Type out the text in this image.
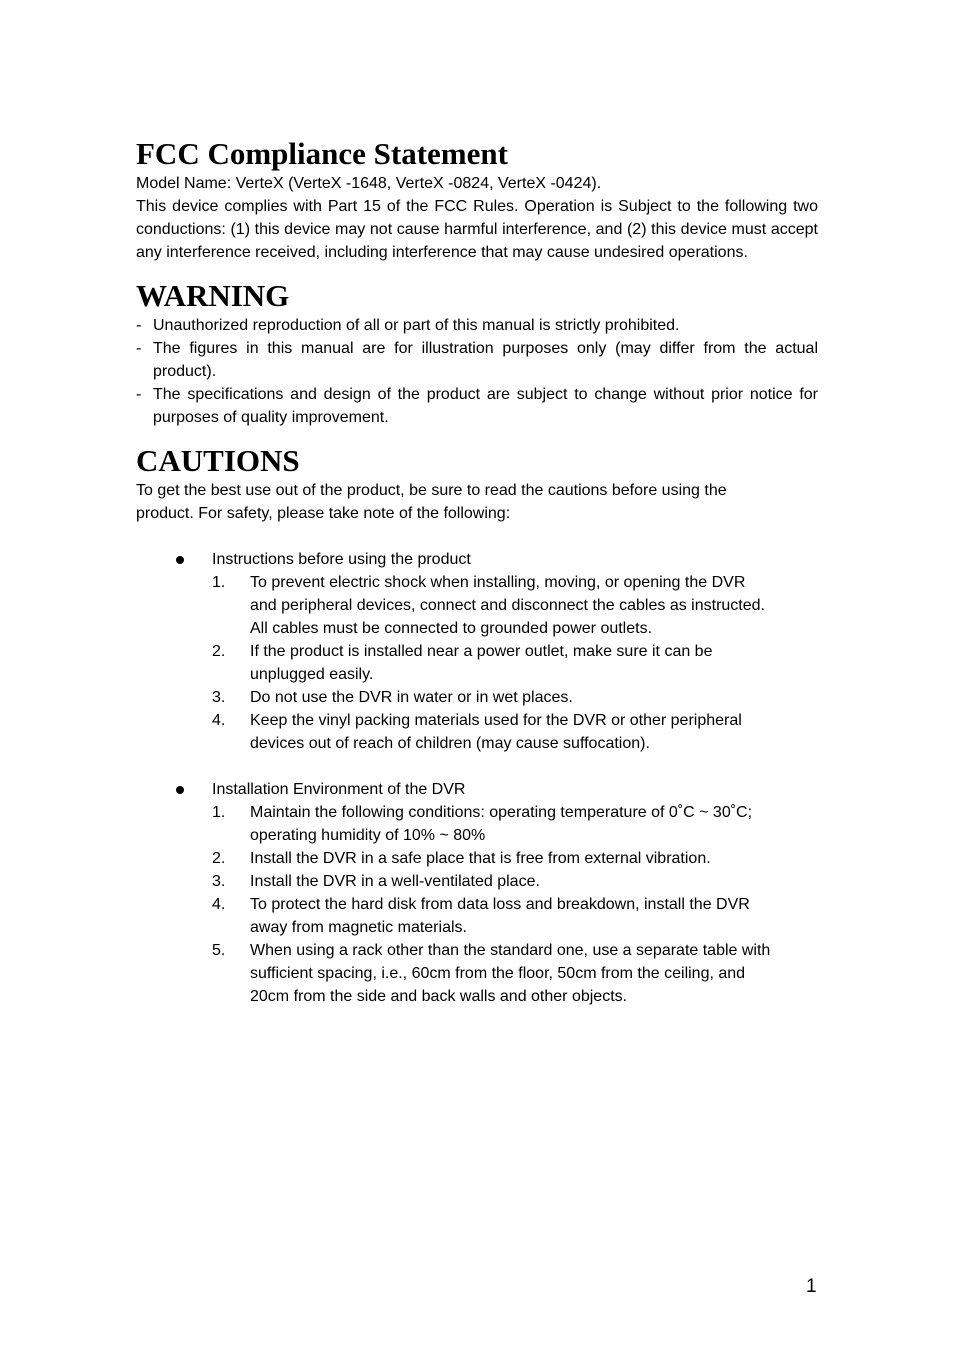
FCC Compliance Statement

Model Name: VerteX (VerteX -1648, VerteX -0824, VerteX -0424).

This device complies with Part 15 of the FCC Rules. Operation is Subject to the following two conductions: (1) this device may not cause harmful interference, and (2) this device must accept any interference received, including interference that may cause undesired operations.

WARNING
- Unauthorized reproduction of all or part of this manual is strictly prohibited.
- The figures in this manual are for illustration purposes only (may differ from the actual product).
- The specifications and design of the product are subject to change without prior notice for purposes of quality improvement.
CAUTIONS

To get the best use out of the product, be sure to read the cautions before using the

product. For safety, please take note of the following:

Instructions before using the product
1. To prevent electric shock when installing, moving, or opening the DVR
and peripheral devices, connect and disconnect the cables as instructed.
All cables must be connected to grounded power outlets.
2. If the product is installed near a power outlet, make sure it can be
unplugged easily.
3. Do not use the DVR in water or in wet places.
4. Keep the vinyl packing materials used for the DVR or other peripheral
devices out of reach of children (may cause suffocation).
Installation Environment of the DVR
1. Maintain the following conditions: operating temperature of 0˚C ~ 30˚C;
operating humidity of 10% ~ 80%
2. Install the DVR in a safe place that is free from external vibration.
3. Install the DVR in a well-ventilated place.
4. To protect the hard disk from data loss and breakdown, install the DVR
away from magnetic materials.
5. When using a rack other than the standard one, use a separate table with
sufficient spacing, i.e., 60cm from the floor, 50cm from the ceiling, and
20cm from the side and back walls and other objects.
1
